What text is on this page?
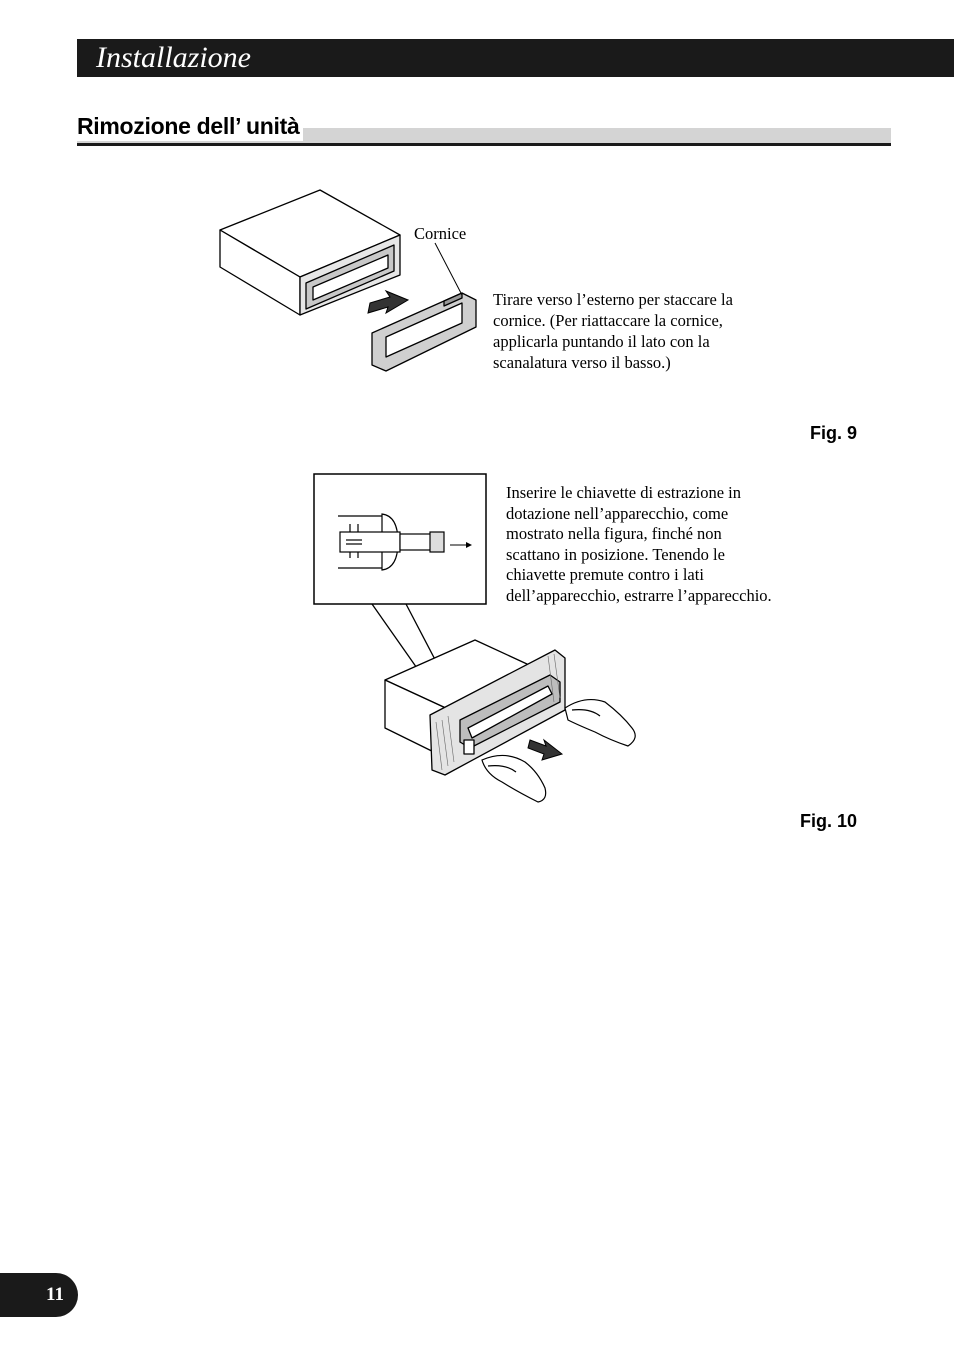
Installazione
Rimozione dell’ unità
Cornice
Tirare verso l’esterno per staccare la
cornice. (Per riattaccare la cornice,
applicarla puntando il lato con la
scanalatura verso il basso.)
Fig. 9
Inserire le chiavette di estrazione in
dotazione nell’apparecchio, come
mostrato nella figura, finché non
scattano in posizione. Tenendo le
chiavette premute contro i lati
dell’apparecchio, estrarre l’apparecchio.
Fig. 10
11
